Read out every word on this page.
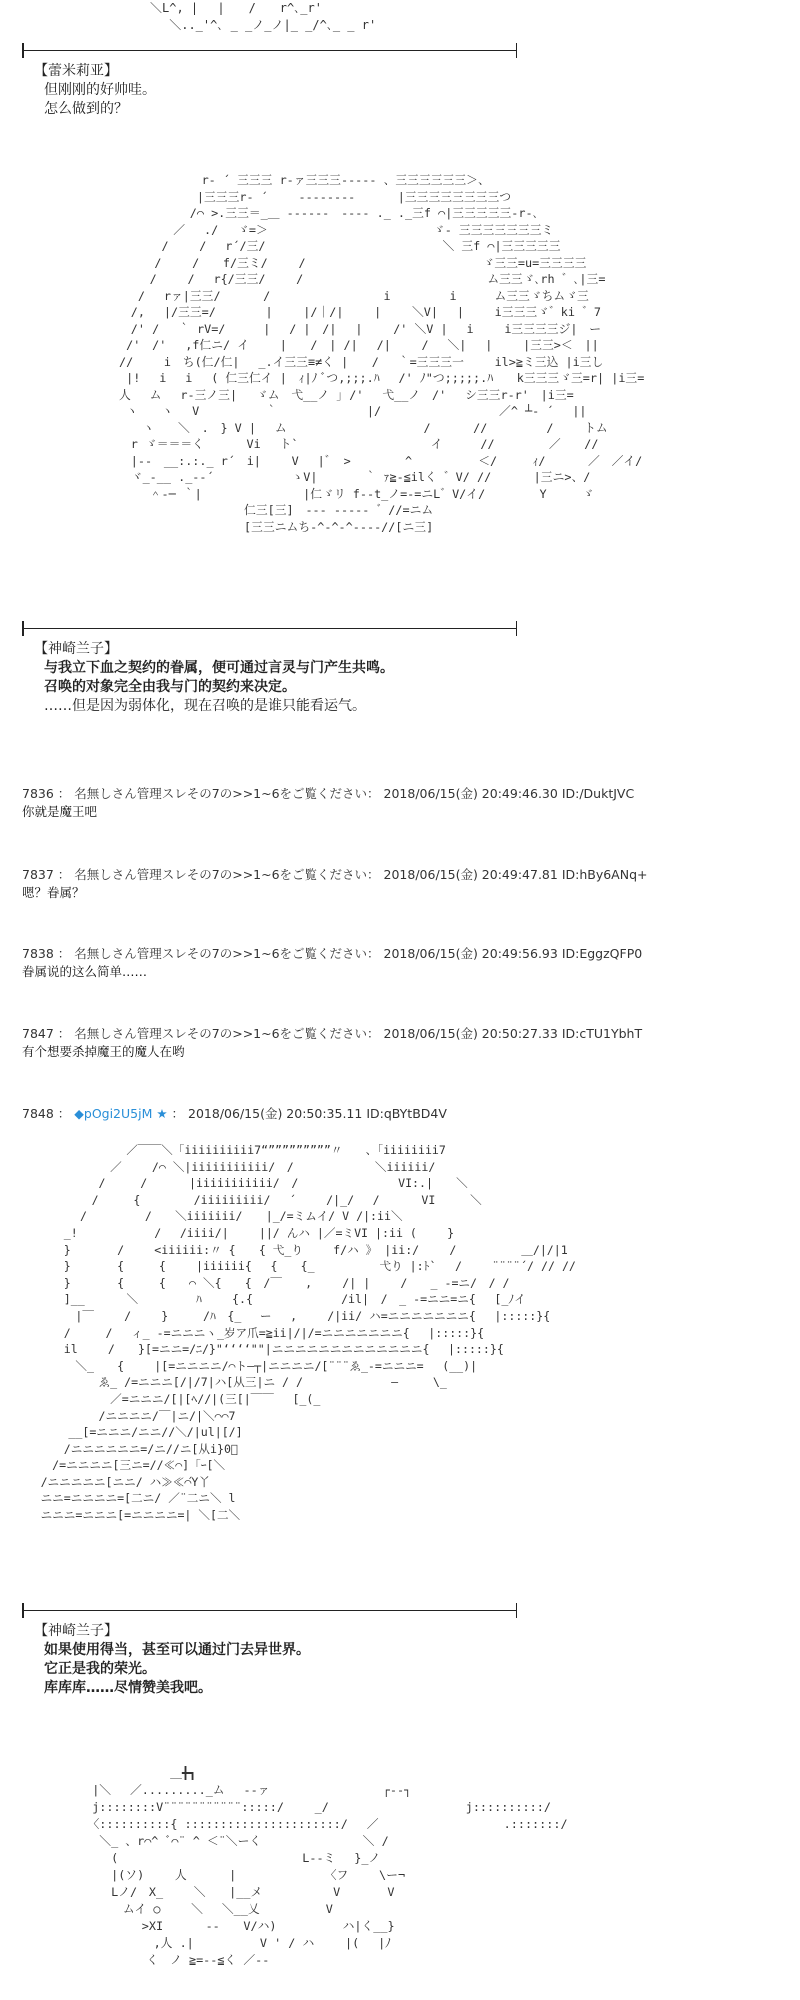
　　　　　＼L^, |　 |　　/　　r^､_r'
　　　　　　 ＼.._'^､ _ _ノ_ノ|_ _/^､_ _ r'
【蕾米莉亚】
但刚刚的好帅哇。
怎么做到的？
　　　　　　　　　　　　r‐ ´ 三三三 r‐ァ三三三‐‐‐‐‐ 、三三三三三三＞、
　　　　　　　　　　　 |三三三r‐ ´　　 ‐‐‐‐‐‐‐‐　　　 |三三三三三三三三つ
　　　　　　　　　　　/⌒ >.三三＝_＿ -‐‐‐‐‐　‐‐‐‐ ._ ._三f ⌒|三三三三三‐r‐､
　　　　　　　　　 ／　 ./　 ゞ=＞　　　　　　　　　　　　　　ゞ- 三三三三三三三ミ
　　　　　　　 　/　　 /　 r´/三/　　　　　　　　　　　　　　　＼ 三f ⌒|三三三三三
　　　　　　　　/　　 /　　f/三ミ/　 　/　　　　　　　　　　　　　　　ゞ三三=u=三三三三
　　　　　　　 /　　 /　 r{/三三/　 　/　　　　　　　　　　　　　　　 ム三三ゞ､rh ゛､|三=
　　　　　　 /　 rァ|三三/　　　 /　　　　　　　　　 i　　　　　i　 　 ム三三ゞちムゞ三
　　　　　　/,　 |/三三=/　　 　 |　　 |/｜/|　　 |　　 ＼V|　 |　　 i三三三ゞ゛ki ゛7
　　　　　　/' /　 ｀ rV=/　 　 |　 / |　/|　 |　　 /' ＼V |　 i　 　i三三三三ジ|　ー
　　　　　 /'　/'　 ,f仁ニ/ イ　　 |　　/　| /|　 /|　　 /　 ＼|　 |　 　|三三>＜　||
　　　　　//　　 i　ち(仁/仁|　 _.イ三三≡≠く |　　/　 ｀=三三三一　　 il>≧ミ三込 |i三し
　　　　　 |!　 i　 i　 ( 仁三仁イ |　ｨ|ﾉ ﾞつ,;;;.ﾊ　 /' ﾉ"つ;;;;;.ﾊ　　k三三三ゞ三=r| |i三=
　　　　　人　 ム　 r-三ノ三|　 ゞム　弋__ノ ｣ /'　 弋__ノ　/'　 シ三三r‐r'　|i三=
　　　　　 ヽ　　ヽ　 V　　　 　　｀　　　　　　　 |/　　　　　　　　　　／^ ┴‐ ´　 ||
　　　　　　　ヽ　　＼　.　} V |　 ム　　　　　　　　　　　 /　　　 //　　　　　/　　 トム
　　　　　　r ゞ＝＝＝く　　　 Vi　 ト`　 　 　 　 　 　 　 イ　 　 //　　　　 ／　　//
　　　　　　|‐‐　__:.:._ r´　i|　　 V　 |゛ >　　　　 ^　　　　　 ＜/　　　ｨ/　　　 ／　／イ/
　　　　　　ヾ_-__ ._-‐´　　　　　　 ゝV|　　　　｀ ｧ≧-≦ilく ゛V/ //　　　 |三ニ>、/
　　　　　　 　＾‐─ ｀|　　　　　　　　 |仁ゞリ f‐‐t_ノ=-=ニL゛V/イ/　　　　 Y　　　ゞ
　　　　　　　　　　　　　　　 仁三[三]　‐‐‐ -‐‐‐- ゛//=ニム
　　　　　　　　　　　　　　　 [三三ニムち‐^‐^‐^‐‐‐‐//[ニ三]
【神崎兰子】
与我立下血之契约的眷属，便可通过言灵与门产生共鸣。
召唤的对象完全由我与门的契约来决定。
……但是因为弱体化，现在召唤的是谁只能看运气。
7836 ： 名無しさん管理スレその7の>>1~6をご覧ください： 2018/06/15(金) 20:49:46.30 ID:/DuktJVC
你就是魔王吧
7837 ： 名無しさん管理スレその7の>>1~6をご覧ください： 2018/06/15(金) 20:49:47.81 ID:hBy6ANq+
嗯？眷属？
7838 ： 名無しさん管理スレその7の>>1~6をご覧ください： 2018/06/15(金) 20:49:56.93 ID:EggzQFP0
眷属说的这么简单……
7847 ： 名無しさん管理スレその7の>>1~6をご覧ください： 2018/06/15(金) 20:50:27.33 ID:cTU1YbhT
有个想要杀掉魔王的魔人在哟
7848 ： ◆pOgi2U5jM ★ ： 2018/06/15(金) 20:50:35.11 ID:qBYtBD4V
　　　　　　　　　／￣￣＼「iiiiiiiiii7“”””””””””〃　　、「iiiiiiii7
　　　　　　　 ／　　 /⌒ ＼|iiiiiiiiiii/　/　　　　　　　＼iiiiii/
　　　　　　 /　　　/　　　 |iiiiiiiiiii/　/　　　　　　　　 VI:.|　　＼
　　　　　　/　　　{　　　　 /iiiiiiiii/　 ´　　 /|_/　 /　　　 VI　　　＼
　　　　　/　　　　　/　　＼iiiiiii/　　|_/=ミムイ/ V /|:ii＼
　　　 _!　　　　　　 /　 /iiii/|　　 ||/ んハ |／=ミVI |:ii (　　 }
　　　 }　　　　/　　 <iiiiii:〃 {　　{ 弋_り　　 f/ハ 》 |ii:/　　 /　　　　　 ＿/|/|1
　　　 }　　　　{　　　{　　 |iiiiii{　 {　　{_　　　　　 弋り |:ﾄ`　 /　　 ¨¨¨¨´/ // //
　　　 }　　　　{　　　{　　⌒ ＼{　　{　/￣　　,　　 /| |　　 /　　_ -=ニ/　/ /
　　　 ]__　　　 ＼　　　　　ﾊ　　 {.{　　　　　　　 /il|　/　_ -=ニニ=ニ{　 [_ﾉイ
　　　　 |￣　　 /　　 }　　　/ﾊ　{_　 ー　 ,　　 /|ii/ ハ=ニニニニニニニ{　 |:::::}{
　　　 /　　　/　 ィ_ -=ニニニヽ_岁ア爪=≧ii|/|/=ニニニニニニニ{　 |:::::}{
　　　 il　　 /　　}[=ニニ=/ﾆ/}"‘‘‘‘""|ニニニニニニニニニニニニニ{　 |:::::}{
　　　　 ＼_　　{　　 |[=ニニニニ/⌒ト―┬|ニニニニ/[¨¨¨ゑ_-=ニニニ=　 (__)|
　　　　　　 ゑ_ /=ニニニ[/|/7|ハ[从三|ニ / /　　　　　　　 ―　　　\_
　　　　　　　 ／=ニニニ/[|[ﾍ//|(三[|￣￣　 [_(_
　　　　　　 /ニニニニ/￣|ニ/|＼⌒⌒7
　　　　__[=ニニニ/ニニ//＼/|ul|[/]
　　　 /ニニニニニニ=/ニ//ニ[从i}0ﾞ
　　 /=ニニニニ[三ニ=//≪⌒]「ｰ[＼
　 /ニニニニニ[ニニ/ ハ≫≪⌒Ύ丫
　 ニニ=ニニニニ=[二ニ/ ／¨二ニ＼ l
　 ニニニ=ニニニ[=ニニニニ=| ＼[二＼
【神崎兰子】
如果使用得当，甚至可以通过门去异世界。
它正是我的荣光。
库库库……尽情赞美我吧。
　　　　　　　　　　 ＿╋┓
　　　　|＼　 ／........._ム　 -‐ァ　　　　　　　　　 ┌‐‐┐
　　　　j::::::::V¨¨¨¨¨¨¨¨¨¨¨:::::/　　 _/　　　　　　　　　　　 j::::::::::/
　　　 〈::::::::::{ ::::::::::::::::::::::/　 ／　　　　　　　　　　 .:::::::/
　　　 　＼_ 、r⌒^ ﾞ⌒¨ ^ ＜¨＼ーく　　　　　　　　 ＼ /
　　　　　 (　　　　　　　　　　　　　　　 L‐‐ミ　 }_ノ
　　　　　 |(ソ)　　 人　　　 |　　　　　　　　〈フ　　 \ー¬
　　　　　 Lノ/　X_　　 ＼　　|__メ　　　　　　V　　　　V
　　　　　　 ムイ ○　　 ＼　 ＼__乂　　　　　 V
　　　　　　 　 >XI　　　 ‐‐　　V/ハ)　　　　　 ハ|く__}
　　　　　　 　　 ,人 .|　　　　　 V ' / ハ　　 |(　 |ﾉ
　　　　　　　　 く　ノ ≧=‐‐≦く ／‐‐
